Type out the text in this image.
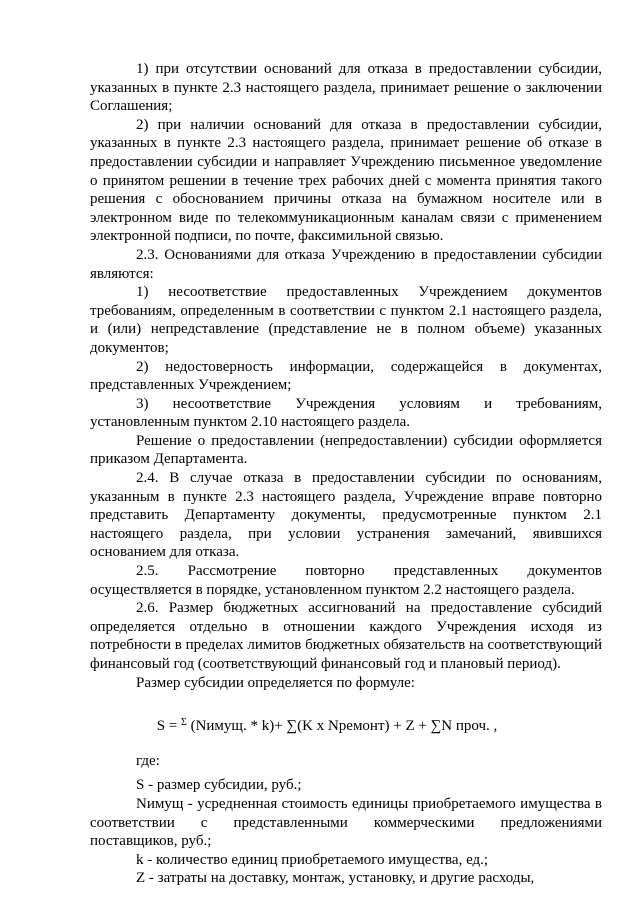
1) при отсутствии оснований для отказа в предоставлении субсидии, указанных в пункте 2.3 настоящего раздела, принимает решение о заключении Соглашения;

2) при наличии оснований для отказа в предоставлении субсидии, указанных в пункте 2.3 настоящего раздела, принимает решение об отказе в предоставлении субсидии и направляет Учреждению письменное уведомление о принятом решении в течение трех рабочих дней с момента принятия такого решения с обоснованием причины отказа на бумажном носителе или в электронном виде по телекоммуникационным каналам связи с применением электронной подписи, по почте, факсимильной связью.

2.3. Основаниями для отказа Учреждению в предоставлении субсидии являются:

1) несоответствие предоставленных Учреждением документов требованиям, определенным в соответствии с пунктом 2.1 настоящего раздела, и (или) непредставление (представление не в полном объеме) указанных документов;

2) недостоверность информации, содержащейся в документах, представленных Учреждением;

3) несоответствие Учреждения условиям и требованиям, установленным пунктом 2.10 настоящего раздела.

Решение о предоставлении (непредоставлении) субсидии оформляется приказом Департамента.

2.4. В случае отказа в предоставлении субсидии по основаниям, указанным в пункте 2.3 настоящего раздела, Учреждение вправе повторно представить Департаменту документы, предусмотренные пунктом 2.1 настоящего раздела, при условии устранения замечаний, явившихся основанием для отказа.

2.5. Рассмотрение повторно представленных документов осуществляется в порядке, установленном пунктом 2.2 настоящего раздела.

2.6. Размер бюджетных ассигнований на предоставление субсидий определяется отдельно в отношении каждого Учреждения исходя из потребности в пределах лимитов бюджетных обязательств на соответствующий финансовый год (соответствующий финансовый год и плановый период).

Размер субсидии определяется по формуле:

S = $^\Sigma$ (Nимущ. * k)+ ∑(K x Nремонт) + Z + ∑N проч. ,

где:

S - размер субсидии, руб.;

Nимущ - усредненная стоимость единицы приобретаемого имущества в соответствии с представленными коммерческими предложениями поставщиков, руб.;

k - количество единиц приобретаемого имущества, ед.;

Z - затраты на доставку, монтаж, установку, и другие расходы,
